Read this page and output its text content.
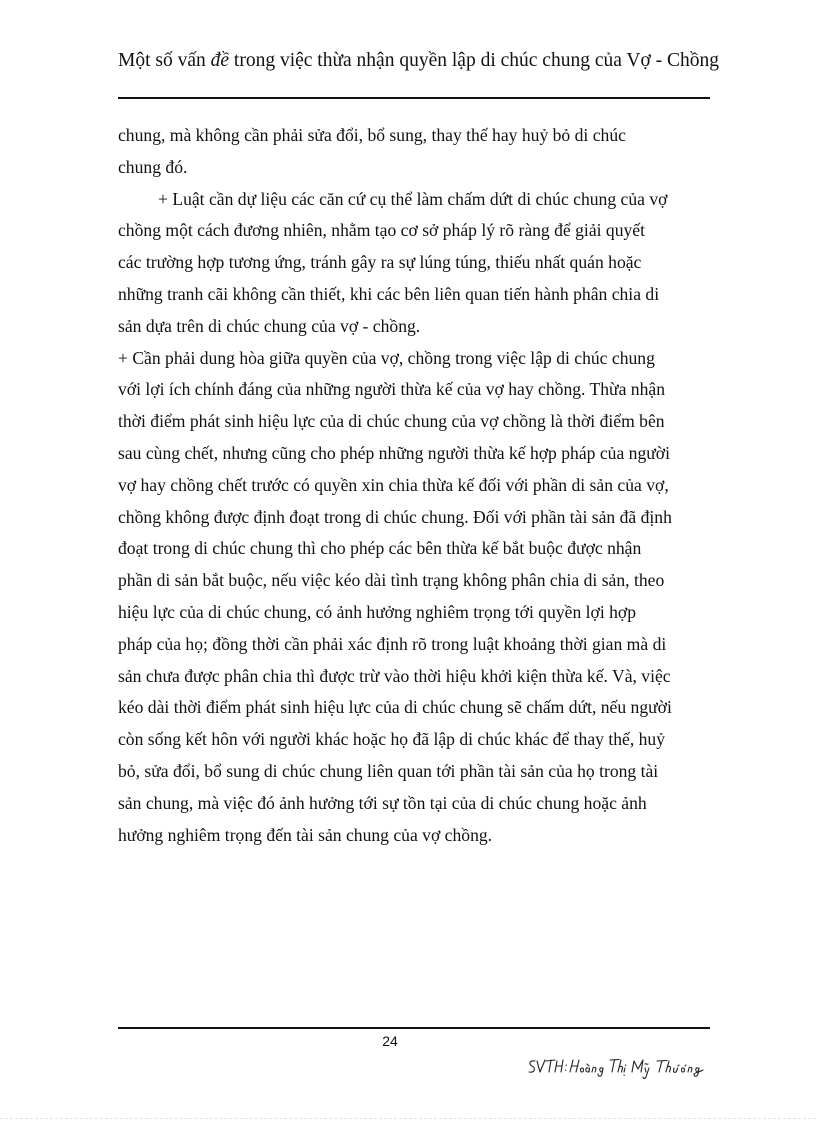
Một số vấn đề trong việc thừa nhận quyền lập di chúc chung của Vợ - Chồng
chung, mà không cần phải sửa đổi, bổ sung, thay thế hay huỷ bỏ di chúc
chung đó.
+ Luật cần dự liệu các căn cứ cụ thể làm chấm dứt di chúc chung của vợ
chồng một cách đương nhiên, nhằm tạo cơ sở pháp lý rõ ràng để giải quyết
các trường hợp tương ứng, tránh gây ra sự lúng túng, thiếu nhất quán hoặc
những tranh cãi không cần thiết, khi các bên liên quan tiến hành phân chia di
sản dựa trên di chúc chung của vợ - chồng.
+ Cần phải dung hòa giữa quyền của vợ, chồng trong việc lập di chúc chung
với lợi ích chính đáng của những người thừa kế của vợ hay chồng. Thừa nhận
thời điểm phát sinh hiệu lực của di chúc chung của vợ chồng là thời điểm bên
sau cùng chết, nhưng cũng cho phép những người thừa kế hợp pháp của người
vợ hay chồng chết trước có quyền xin chia thừa kế đối với phần di sản của vợ,
chồng không được định đoạt trong di chúc chung. Đối với phần tài sản đã định
đoạt trong di chúc chung thì cho phép các bên thừa kế bắt buộc được nhận
phần di sản bắt buộc, nếu việc kéo dài tình trạng không phân chia di sản, theo
hiệu lực của di chúc chung, có ảnh hưởng nghiêm trọng tới quyền lợi hợp
pháp của họ; đồng thời cần phải xác định rõ trong luật khoảng thời gian mà di
sản chưa được phân chia thì được trừ vào thời hiệu khởi kiện thừa kế. Và, việc
kéo dài thời điểm phát sinh hiệu lực của di chúc chung sẽ chấm dứt, nếu người
còn sống kết hôn với người khác hoặc họ đã lập di chúc khác để thay thế, huỷ
bỏ, sửa đổi, bổ sung di chúc chung liên quan tới phần tài sản của họ trong tài
sản chung, mà việc đó ảnh hưởng tới sự tồn tại của di chúc chung hoặc ảnh
hưởng nghiêm trọng đến tài sản chung của vợ chồng.
24
